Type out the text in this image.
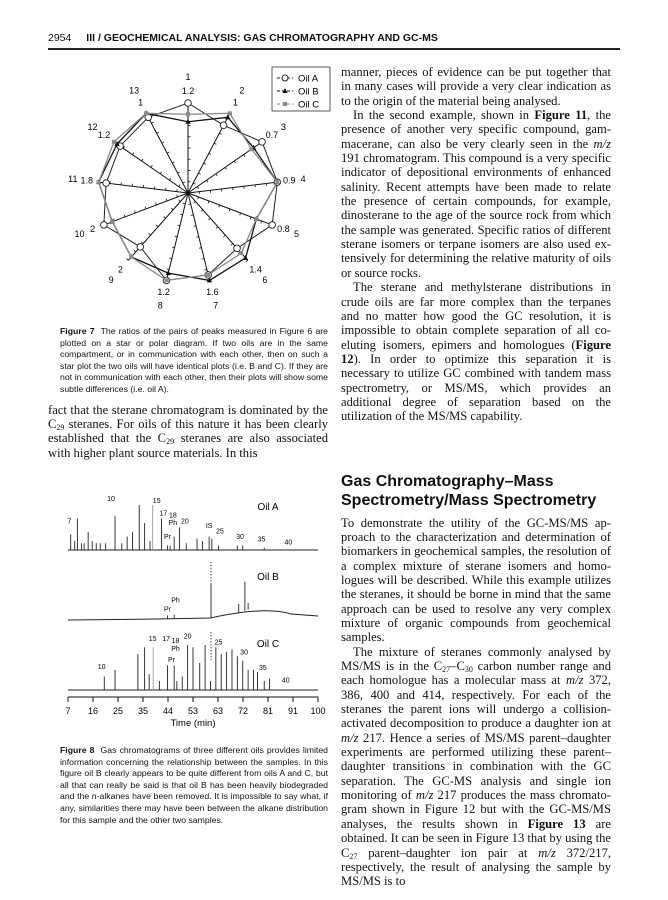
2954 III / GEOCHEMICAL ANALYSIS: GAS CHROMATOGRAPHY AND GC-MS
1.2
1
1
2
0.7
3
0.9 4
0.8 5
1.4
6
1.6
7
1.2
8
2
9
2
10
1.8
11
1.2
12
1
13
Oil A
Oil B
Oil C
Figure 7 The ratios of the pairs of peaks measured in Figure 6 are plotted on a star or polar diagram. If two oils are in the same compartment, or in communication with each other, then on such a star plot the two oils will have identical plots (i.e. B and C). If they are not in communication with each other, then their plots will show some subtle differences (i.e. oil A).

fact that the sterane chromatogram is dominated by the $C_{29}$ steranes. For oils of this nature it has been clearly established that the $C_{29}$ steranes are also associated with higher plant source materials. In this

Oil A
10	15
17 18
7	20
Ph	IS
25
Pr	30 35	40
Oil B
Ph
Pr
Oil C
20
15 17 18	25
Ph	30
Pr
10	35
40
7 16 25 35 44 53 63 72 81 91 100
Time (min)
Figure 8 Gas chromatograms of three different oils provides limited information concerning the relationship between the samples. In this figure oil B clearly appears to be quite different from oils A and C, but all that can really be said is that oil B has been heavily biodegraded and the n-alkanes have been removed. It is impossible to say what, if any, similarities there may have been between the alkane distribution for this sample and the other two samples.

manner, pieces of evidence can be put together that in many cases will provide a very clear indication as to the origin of the material being analysed.

In the second example, shown in Figure 11, the presence of another very specific compound, gammacerane, can also be very clearly seen in the m/z 191 chromatogram. This compound is a very specific indicator of depositional environments of enhanced salinity. Recent attempts have been made to relate the presence of certain compounds, for example, dinosterane to the age of the source rock from which the sample was generated. Specific ratios of different sterane isomers or terpane isomers are also used extensively for determining the relative maturity of oils or source rocks.

The sterane and methylsterane distributions in crude oils are far more complex than the terpanes and no matter how good the GC resolution, it is impossible to obtain complete separation of all co-eluting isomers, epimers and homologues (Figure 12). In order to optimize this separation it is necessary to utilize GC combined with tandem mass spectrometry, or MS/MS, which provides an additional degree of separation based on the utilization of the MS/MS capability.

Gas Chromatography–Mass Spectrometry/Mass Spectrometry

To demonstrate the utility of the GC-MS/MS approach to the characterization and determination of biomarkers in geochemical samples, the resolution of a complex mixture of sterane isomers and homologues will be described. While this example utilizes the steranes, it should be borne in mind that the same approach can be used to resolve any very complex mixture of organic compounds from geochemical samples.

The mixture of steranes commonly analysed by MS/MS is in the $C_{27}-C_{30}$ carbon number range and each homologue has a molecular mass at m/z 372, 386, 400 and 414, respectively. For each of the steranes the parent ions will undergo a collision-activated decomposition to produce a daughter ion at m/z 217. Hence a series of MS/MS parent–daughter experiments are performed utilizing these parent–daughter transitions in combination with the GC separation. The GC-MS analysis and single ion monitoring of m/z 217 produces the mass chromatogram shown in Figure 12 but with the GC-MS/MS analyses, the results shown in Figure 13 are obtained. It can be seen in Figure 13 that by using the $C_{27}$ parent–daughter ion pair at m/z 372/217, respectively, the result of analysing the sample by MS/MS is to
